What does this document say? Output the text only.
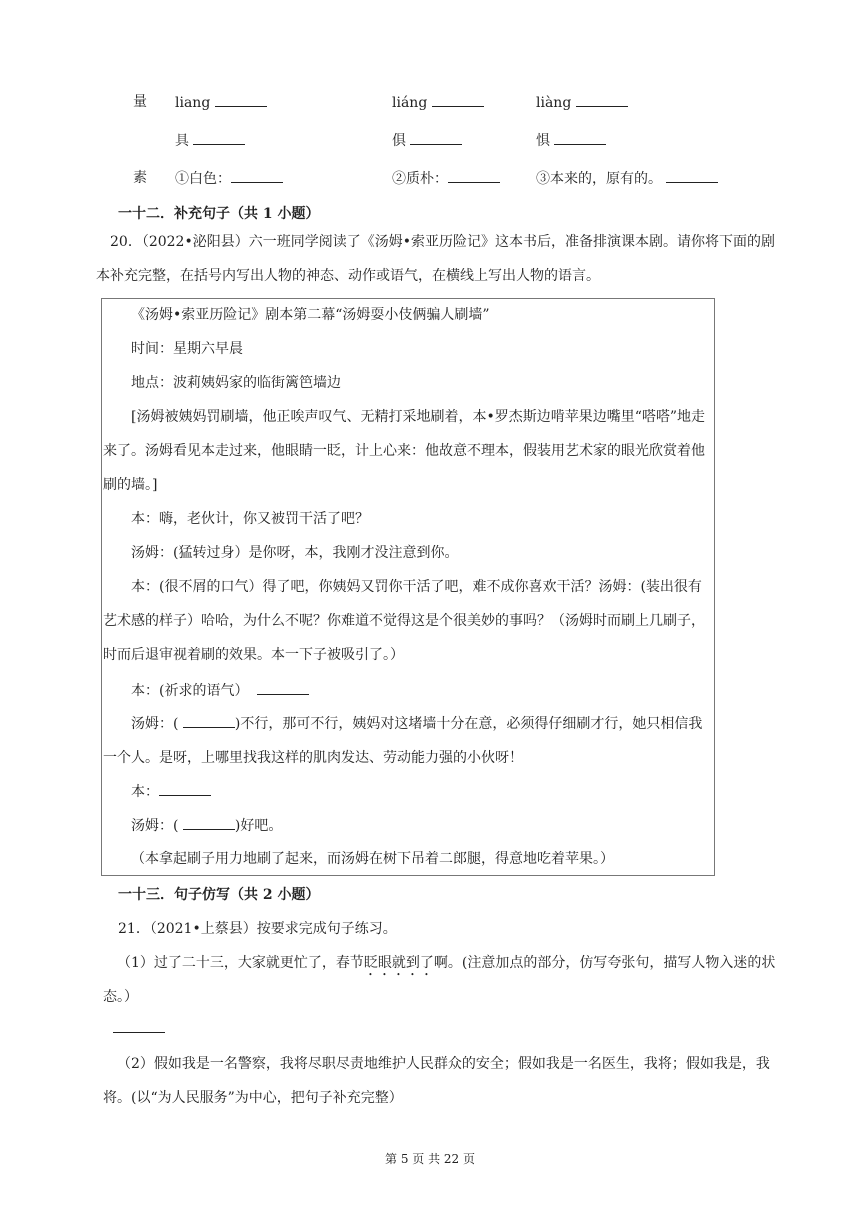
量 liang	liáng	liàng
具	俱	惧
素 ①白色：	②质朴：	③本来的，原有的。
一十二．补充句子（共 1 小题）
20．（2022•泌阳县）六一班同学阅读了《汤姆•索亚历险记》这本书后，准备排演课本剧。请你将下面的剧本补充完整，在括号内写出人物的神态、动作或语气，在横线上写出人物的语言。
《汤姆•索亚历险记》剧本第二幕“汤姆耍小伎俩骗人刷墙”
时间：星期六早晨
地点：波莉姨妈家的临街篱笆墙边
[汤姆被姨妈罚刷墙，他正唉声叹气、无精打采地刷着，本•罗杰斯边啃苹果边嘴里“嗒嗒”地走来了。汤姆看见本走过来，他眼睛一眨，计上心来：他故意不理本，假装用艺术家的眼光欣赏着他刷的墙。]
本：嗨，老伙计，你又被罚干活了吧？
汤姆：(猛转过身）是你呀，本，我刚才没注意到你。
本：(很不屑的口气）得了吧，你姨妈又罚你干活了吧，难不成你喜欢干活？汤姆：(装出很有艺术感的样子）哈哈，为什么不呢？你难道不觉得这是个很美妙的事吗？（汤姆时而刷上几刷子，时而后退审视着刷的效果。本一下子被吸引了。）
本：(祈求的语气）
汤姆：(	)不行，那可不行，姨妈对这堵墙十分在意，必须得仔细刷才行，她只相信我一个人。是呀，上哪里找我这样的肌肉发达、劳动能力强的小伙呀！
本：
汤姆：(	)好吧。
（本拿起刷子用力地刷了起来，而汤姆在树下吊着二郎腿，得意地吃着苹果。）
一十三．句子仿写（共 2 小题）
21．（2021•上蔡县）按要求完成句子练习。
（1）过了二十三，大家就更忙了，春节眨眼就到了啊。(注意加点的部分，仿写夸张句，描写人物入迷的状态。）
（2）假如我是一名警察，我将尽职尽责地维护人民群众的安全；假如我是一名医生，我将；假如我是，我将。(以“为人民服务”为中心，把句子补充完整）
第 5 页 共 22 页
